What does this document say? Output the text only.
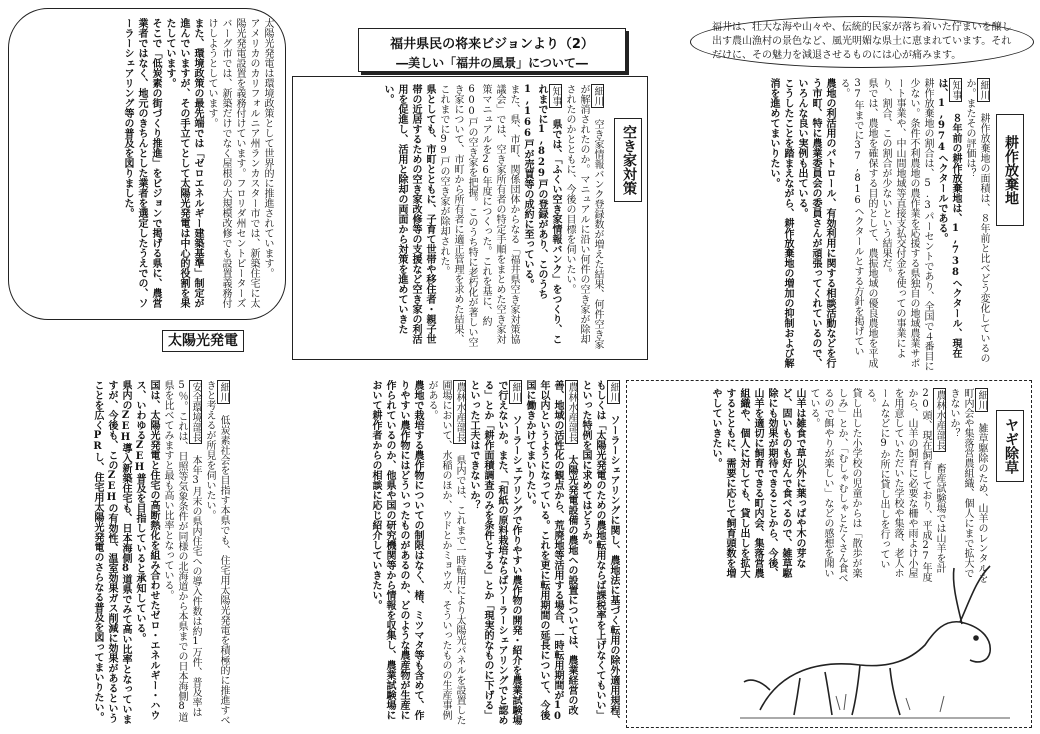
福井県民の将来ビジョンより（2）
―美しい「福井の風景」について―
福井は、壮大な海や山々や、伝統的民家が落ち着いた佇まいを醸し出す農山漁村の景色など、風光明媚な県土に恵まれています。それだけに、その魅力を減退させるものには心が痛みます。
耕作放棄地
細川 耕作放棄地の面積は、８年前と比べどう変化しているのか。またその評価は？
知事 ８年前の耕作放棄地は、1,738ヘクタール、現在は、1,974ヘクタールである。
耕作放棄地の割合は、5.3パーセントであり、全国で４番目に少ない。条件不利農地の農作業を応援する県独自の地域農業サポート事業や、中山間地域等直接支払交付金を使っての事業により、割合、この割合が少ないという結果だ。
県では、農地を確保する目的として、農振地域の優良農地を平成37年までに37,816ヘクタールとする方針を掲げている。
農地の利活用のパトロール、有効利用に関する相談活動などを行う市町、特に農業委員会の委員さんが頑張ってくれているので、いろんな良い実例も出ている。
こうしたことを踏まえながら、耕作放棄地の増加の抑制および解消を進めてまいりたい。
空き家対策
細川 空き家情報バンク登録数が増えた結果、何件空き家が解消されたのか。マニュアルに沿い何件の空き家が除却されたのかとともに、今後の目標を伺いたい。
知事 県では、「ふくい空き家情報バンク」をつくり、これまでに1,829戸の登録があり、このうち1,166戸が売買等の成約に至っている。
また、県、市町、関係団体からなる「福井県空き家対策協議会」では、空き家所有者の特定手順をまとめた空き家対策マニュアルを26年度につくった。これを基に、約600戸の空き家を把握。このうち特に老朽化が著しい空き家について、市町から所有者に適正管理を求めた結果、これまでに99戸の空き家が除却された。
県としても、市町とともに、子育て世帯や移住者・親子世帯の近居するための空き家改修等の支援など空き家の利活用を促進し、活用と除却の両面から対策を進めていきたい。
太陽光発電は環境政策として世界的に推進されています。
アメリカのカリフォルニア州ランカスター市では、新築住宅に太陽光発電設置を義務付けています。フロリダ州セントピーターズバーグ市では、新築だけでなく屋根の大規模改修でも設置義務付けしようとしています。
また、環境政策の最先端では「ゼロエネルギー建築基準」制定が進んでいますが、その手立てとして太陽光発電は中心的役割を果たしています。
そこで「低炭素の街づくり推進」をビジョンで掲げる県に、農営業者ではなく、地元のきちんとした業者を選定したうえでの、ソーラーシェアリング等の普及を図りました。
太陽光発電
ヤギ除草
細川 雑草駆除のため、山羊のレンタルを町内会や集落営農組織、個人にまで拡大できないか？
農林水産部長 畜産試験場では山羊を計20頭、現在飼育しており、平成27年度から、山羊の飼育に必要な柵や雨よけ小屋を用意していただいた学校や集落、老人ホームなどに9か所に貸し出しを行っている。
貸し出した小学校の児童からは「散歩が楽しみ」とか、「むしゃむしゃとたくさん食べるので餌やりが楽しい」などの感想を聞いている。
山羊は雑食で草以外に葉っぱや木の芽など、固いものも好んで食べるので、雑草駆除にも効果が期待できることから、今後、山羊を適切に飼育できる町内会、集落営農組織や、個人に対しても、貸し出しを拡大するとともに、需要に応じて飼育頭数を増やしていきたい。
細川 ソーラーシェアリングに関し、農地法に基づく転用の除外適用規程、もしくは「太陽光発電のための農地転用ならば課税率を上げなくてもいい」といった特例を国に求めてはどうか。
農林水産部長 太陽光発電設備の農地への設置については、農業経営の改善、地域の活性化の観点から、荒廃地等活用する場合、一時転用期間が10年以内というようになっている。これを更に転用期間の延長について、今後国に働きかけてまいりたい。
細川 ソーラーシェアリングで作りやすい農作物の開発・紹介を農業試験場で行えないか。また、「和紙の原料栽培ならばソーラーシェアリングでと認める」とか「耕作面積調査のみを条件とする」とか「現実的なものに下げる」といった工夫はできないか？
農林水産部長 県内では、これまで一時転用により太陽光パネルを設置した圃場において、水稲のほか、ウドとかミョウガ、そういったものの生産事例がある。
農地で栽培する農作物についての制限はなく、楮、ミツマタ等も含めて、作りやすい農作物にはどういったものがあるのか、どのような農産物が生産に作られているのか、他県や国の研究機関等から情報を収集し、農業試験場において耕作者からの相談に応じ紹介していきたい。
細川 低炭素社会を目指す本県でも、住宅用太陽光発電を積極的に推進すべきと考えるが所見を伺いたい。
安全環境部長 本年3月末の県内住宅への導入件数は約1万件、普及率は5％。これは、日照等気象条件が同様の北海道から本県までの日本海側8道県を比べてみますと最も高い比率となっている。
国は、太陽光発電と住宅の高断熱化を組み合わせたゼロ・エネルギー・ハウス、いわゆるZEH普及を目指していると承知している。
県内のZEH導入新築住宅も、日本海側8道県でみて高い比率となっていますが、今後も、このZEHの有効性、温室効果ガス削減に効果があるということを広くPRし、住宅用太陽光発電のさらなる普及を図ってまいりたい。
